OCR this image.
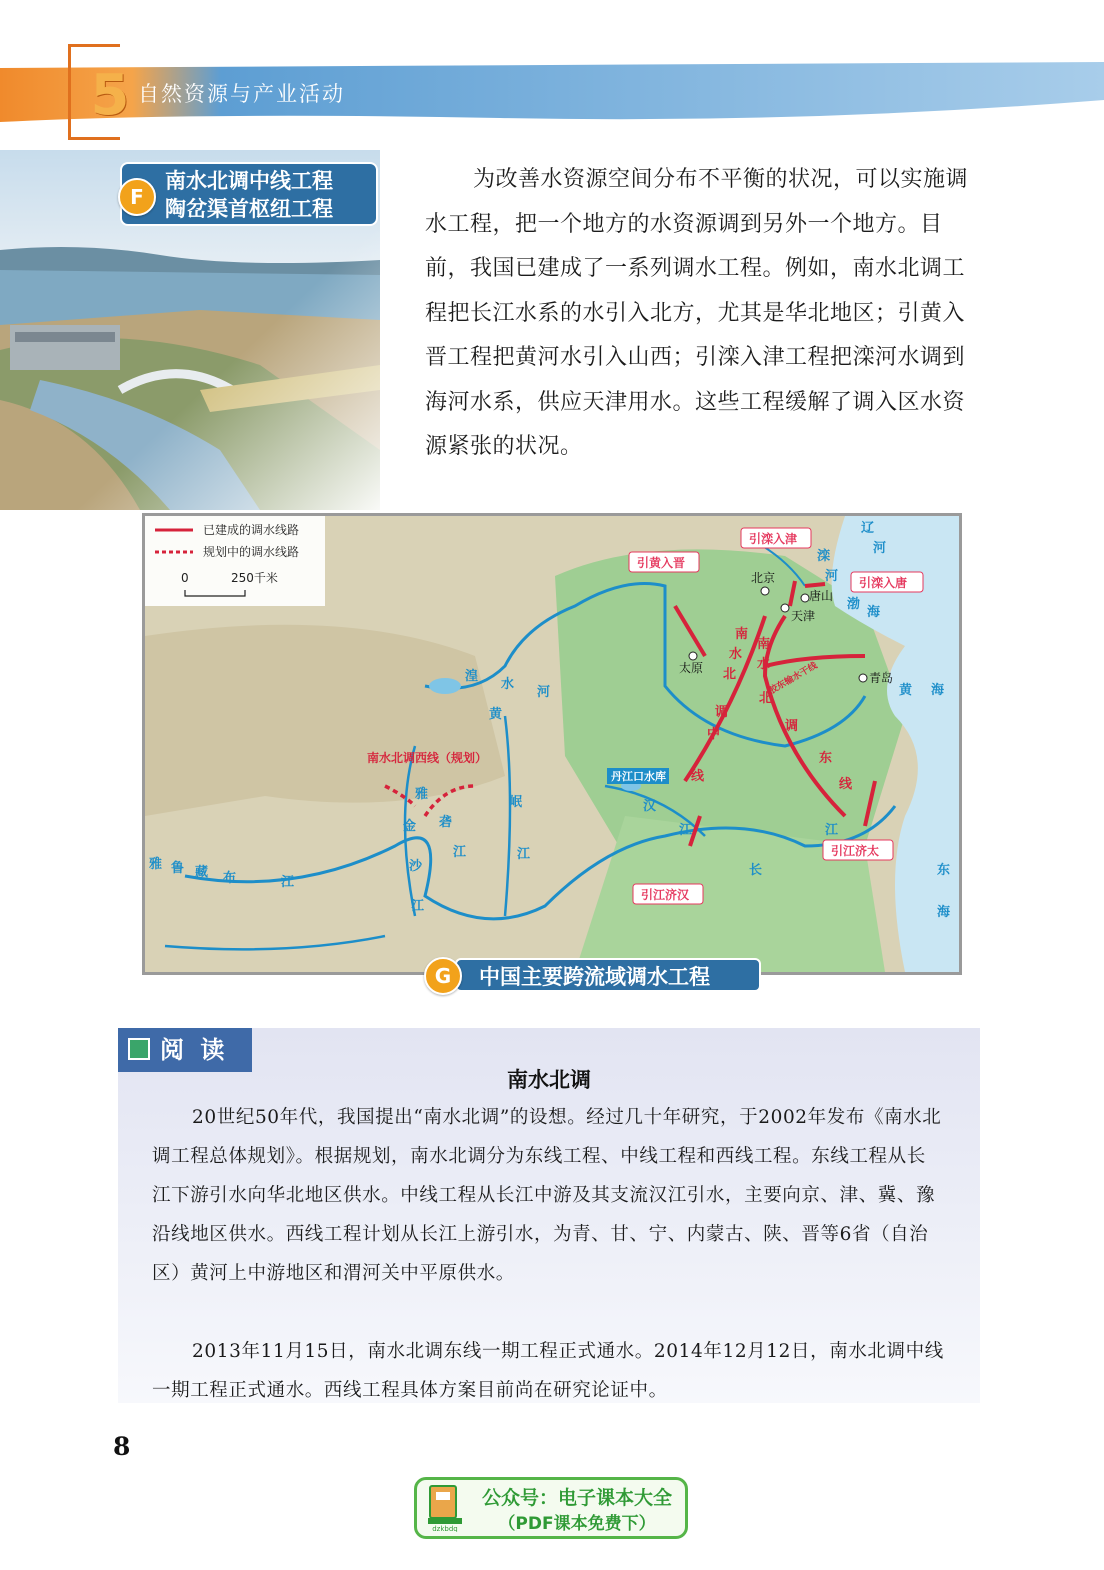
5 自然资源与产业活动
南水北调中线工程
陶岔渠首枢纽工程
F

为改善水资源空间分布不平衡的状况，可以实施调水工程，把一个地方的水资源调到另外一个地方。目前，我国已建成了一系列调水工程。例如，南水北调工程把长江水系的水引入北方，尤其是华北地区；引黄入晋工程把黄河水引入山西；引滦入津工程把滦河水调到海河水系，供应天津用水。这些工程缓解了调入区水资源紧张的状况。

已建成的调水线路
规划中的调水线路
0	250千米	北京
唐山
天津
太原
青岛
引黄入晋
引滦入津
引滦入唐
引江济汉
引江济太
南水北调西线（规划）
南
水
北
调
中
线
南
水
北
调
东
线
胶东输水干线
丹江口水库
黄
河
湟
水
雅
砻
江
金
沙
江
岷
江
雅 鲁 藏 布	江
汉
江
长
江
黄 海
东
海
渤
海
滦
河
辽
河
中国主要跨流域调水工程
G
阅 读
南水北调

20世纪50年代，我国提出“南水北调”的设想。经过几十年研究，于2002年发布《南水北调工程总体规划》。根据规划，南水北调分为东线工程、中线工程和西线工程。东线工程从长江下游引水向华北地区供水。中线工程从长江中游及其支流汉江引水，主要向京、津、冀、豫沿线地区供水。西线工程计划从长江上游引水，为青、甘、宁、内蒙古、陕、晋等6省（自治区）黄河上中游地区和渭河关中平原供水。

2013年11月15日，南水北调东线一期工程正式通水。2014年12月12日，南水北调中线一期工程正式通水。西线工程具体方案目前尚在研究论证中。

8
dzkbdq
公众号：电子课本大全
（PDF课本免费下）
